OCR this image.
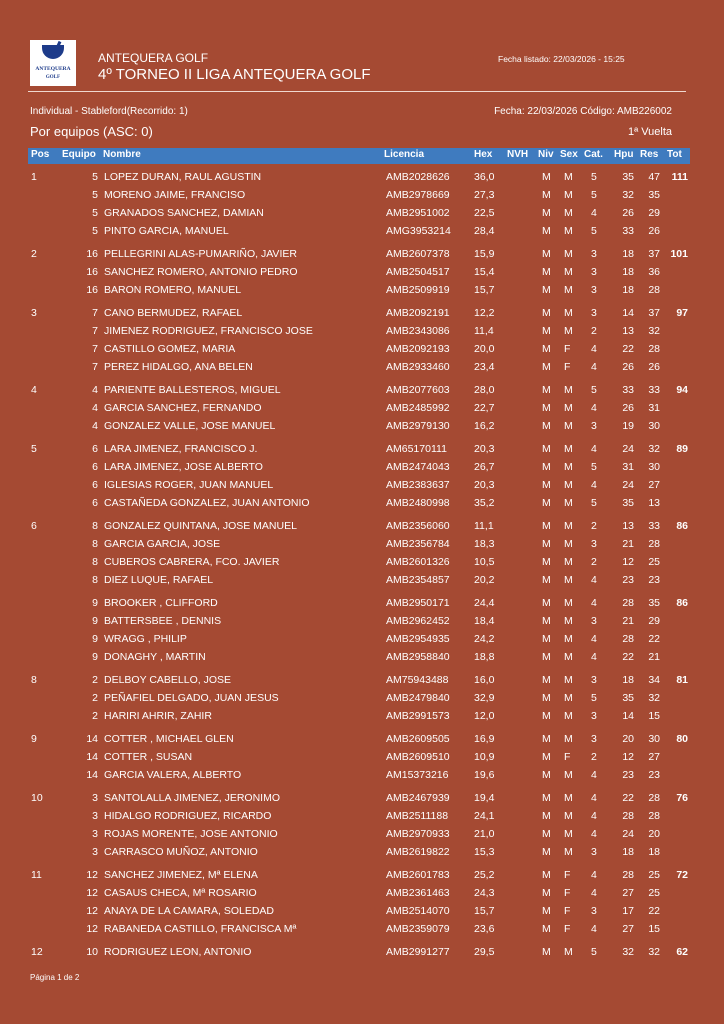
ANTEQUERA
GOLF
ANTEQUERA GOLF
4º TORNEO II LIGA ANTEQUERA GOLF
Fecha listado: 22/03/2026 - 15:25
Individual - Stableford(Recorrido: 1)	Fecha: 22/03/2026 Código: AMB226002
Por equipos (ASC: 0)	1ª Vuelta
Pos Equipo Nombre	Licencia	Hex NVH Niv Sex Cat. Hpu Res Tot
1	5 LOPEZ DURAN, RAUL AGUSTIN	AMB2028626 36,0	M M 5	35	47	111
5 MORENO JAIME, FRANCISO	AMB2978669 27,3	M M 5	32	35
5 GRANADOS SANCHEZ, DAMIAN	AMB2951002 22,5	M M 4	26	29
5 PINTO GARCIA, MANUEL	AMG3953214 28,4	M M 5	33	26
2	16 PELLEGRINI ALAS-PUMARIÑO, JAVIER	AMB2607378 15,9	M M 3	18	37 101
16 SANCHEZ ROMERO, ANTONIO PEDRO	AMB2504517 15,4	M M 3	18	36
16 BARON ROMERO, MANUEL	AMB2509919 15,7	M M 3	18	28
3	7 CANO BERMUDEZ, RAFAEL	AMB2092191 12,2	M M 3	14	37	97
7 JIMENEZ RODRIGUEZ, FRANCISCO JOSE	AMB2343086 11,4	M M 2	13	32
7 CASTILLO GOMEZ, MARIA	AMB2092193 20,0	M F 4	22	28
7 PEREZ HIDALGO, ANA BELEN	AMB2933460 23,4	M F 4	26	26
4	4 PARIENTE BALLESTEROS, MIGUEL	AMB2077603 28,0	M M 5	33	33	94
4 GARCIA SANCHEZ, FERNANDO	AMB2485992 22,7	M M 4	26	31
4 GONZALEZ VALLE, JOSE MANUEL	AMB2979130 16,2	M M 3	19	30
5	6 LARA JIMENEZ, FRANCISCO J.	AM65170111	20,3	M M 4	24	32	89
6 LARA JIMENEZ, JOSE ALBERTO	AMB2474043 26,7	M M 5	31	30
6 IGLESIAS ROGER, JUAN MANUEL	AMB2383637 20,3	M M 4	24	27
6 CASTAÑEDA GONZALEZ, JUAN ANTONIO	AMB2480998 35,2	M M 5	35	13
6	8 GONZALEZ QUINTANA, JOSE MANUEL	AMB2356060 11,1	M M 2	13	33	86
8 GARCIA GARCIA, JOSE	AMB2356784 18,3	M M 3	21	28
8 CUBEROS CABRERA, FCO. JAVIER	AMB2601326 10,5	M M 2	12	25
8 DIEZ LUQUE, RAFAEL	AMB2354857 20,2	M M 4	23	23
9 BROOKER , CLIFFORD	AMB2950171 24,4	M M 4	28	35	86
9 BATTERSBEE , DENNIS	AMB2962452 18,4	M M 3	21	29
9 WRAGG , PHILIP	AMB2954935 24,2	M M 4	28	22
9 DONAGHY , MARTIN	AMB2958840 18,8	M M 4	22	21
8	2 DELBOY CABELLO, JOSE	AM75943488 16,0	M M 3	18	34	81
2 PEÑAFIEL DELGADO, JUAN JESUS	AMB2479840 32,9	M M 5	35	32
2 HARIRI AHRIR, ZAHIR	AMB2991573 12,0	M M 3	14	15
9	14 COTTER , MICHAEL GLEN	AMB2609505 16,9	M M 3	20	30	80
14 COTTER , SUSAN	AMB2609510 10,9	M F 2	12	27
14 GARCIA VALERA, ALBERTO	AM15373216 19,6	M M 4	23	23
10	3 SANTOLALLA JIMENEZ, JERONIMO	AMB2467939 19,4	M M 4	22	28	76
3 HIDALGO RODRIGUEZ, RICARDO	AMB2511188 24,1	M M 4	28	28
3 ROJAS MORENTE, JOSE ANTONIO	AMB2970933 21,0	M M 4	24	20
3 CARRASCO MUÑOZ, ANTONIO	AMB2619822 15,3	M M 3	18	18
11	12 SANCHEZ JIMENEZ, Mª ELENA	AMB2601783 25,2	M F 4	28	25	72
12 CASAUS CHECA, Mª ROSARIO	AMB2361463 24,3	M F 4	27	25
12 ANAYA DE LA CAMARA, SOLEDAD	AMB2514070 15,7	M F 3	17	22
12 RABANEDA CASTILLO, FRANCISCA Mª	AMB2359079 23,6	M F 4	27	15
12	10 RODRIGUEZ LEON, ANTONIO	AMB2991277 29,5	M M 5	32	32	62
Página 1 de 2
